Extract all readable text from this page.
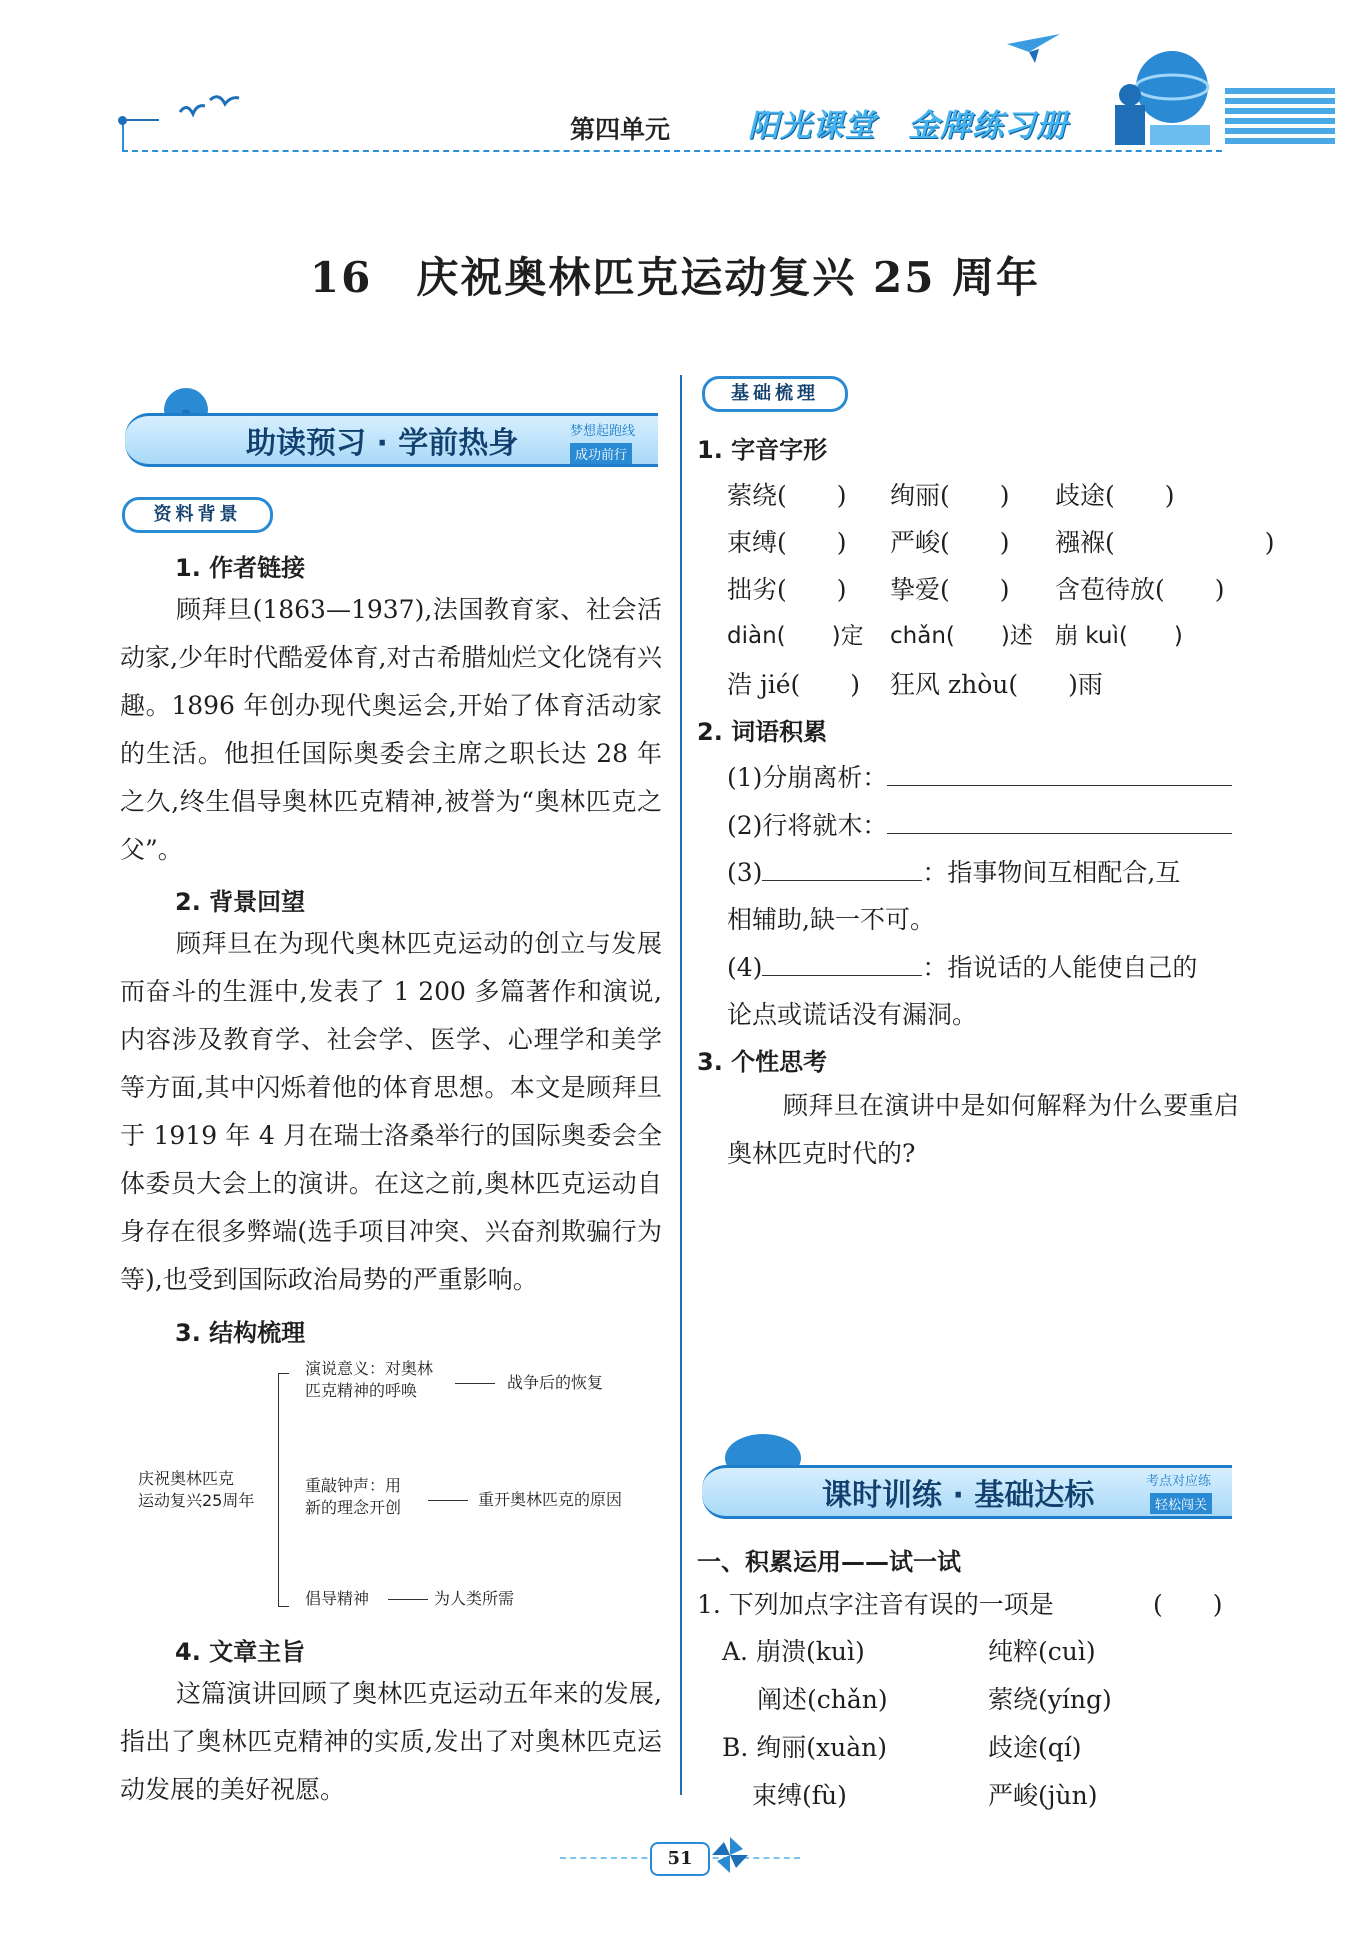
第四单元	阳光课堂　金牌练习册
16　庆祝奥林匹克运动复兴 25 周年
助读预习 · 学前热身	梦想起跑线
成功前行
资料背景
1. 作者链接
顾拜旦(1863—1937),法国教育家、社会活动家,少年时代酷爱体育,对古希腊灿烂文化饶有兴趣。1896 年创办现代奥运会,开始了体育活动家的生活。他担任国际奥委会主席之职长达 28 年之久,终生倡导奥林匹克精神,被誉为“奥林匹克之父”。
2. 背景回望
顾拜旦在为现代奥林匹克运动的创立与发展而奋斗的生涯中,发表了 1 200 多篇著作和演说,内容涉及教育学、社会学、医学、心理学和美学等方面,其中闪烁着他的体育思想。本文是顾拜旦于 1919 年 4 月在瑞士洛桑举行的国际奥委会全体委员大会上的演讲。在这之前,奥林匹克运动自身存在很多弊端(选手项目冲突、兴奋剂欺骗行为等),也受到国际政治局势的严重影响。
3. 结构梳理
庆祝奥林匹克
运动复兴25周年
演说意义：对奥林
匹克精神的呼唤	战争后的恢复
重敲钟声：用
新的理念开创	重开奥林匹克的原因
倡导精神	为人类所需
4. 文章主旨
这篇演讲回顾了奥林匹克运动五年来的发展,指出了奥林匹克精神的实质,发出了对奥林匹克运动发展的美好祝愿。
基础梳理
1. 字音字形
萦绕(　　) 绚丽(　　) 歧途(　　)
束缚(　　) 严峻(　　) 襁褓(　　　　　　)
拙劣(　　) 挚爱(　　) 含苞待放(　　)
diàn(　　)定 chǎn(　　)述 崩 kuì(　　)
浩 jié(　　) 狂风 zhòu(　　)雨
2. 词语积累
(1)分崩离析：
(2)行将就木：
(3)	：指事物间互相配合,互
相辅助,缺一不可。
(4)	：指说话的人能使自己的
论点或谎话没有漏洞。
3. 个性思考
顾拜旦在演讲中是如何解释为什么要重启奥林匹克时代的?
课时训练 · 基础达标	考点对应练
轻松闯关
一、积累运用——试一试
1. 下列加点字注音有误的一项是	(　　)
A. 崩溃(kuì)	纯粹(cuì)
阐述(chǎn)	萦绕(yíng)
B. 绚丽(xuàn)	歧途(qí)
束缚(fù)	严峻(jùn)
51
